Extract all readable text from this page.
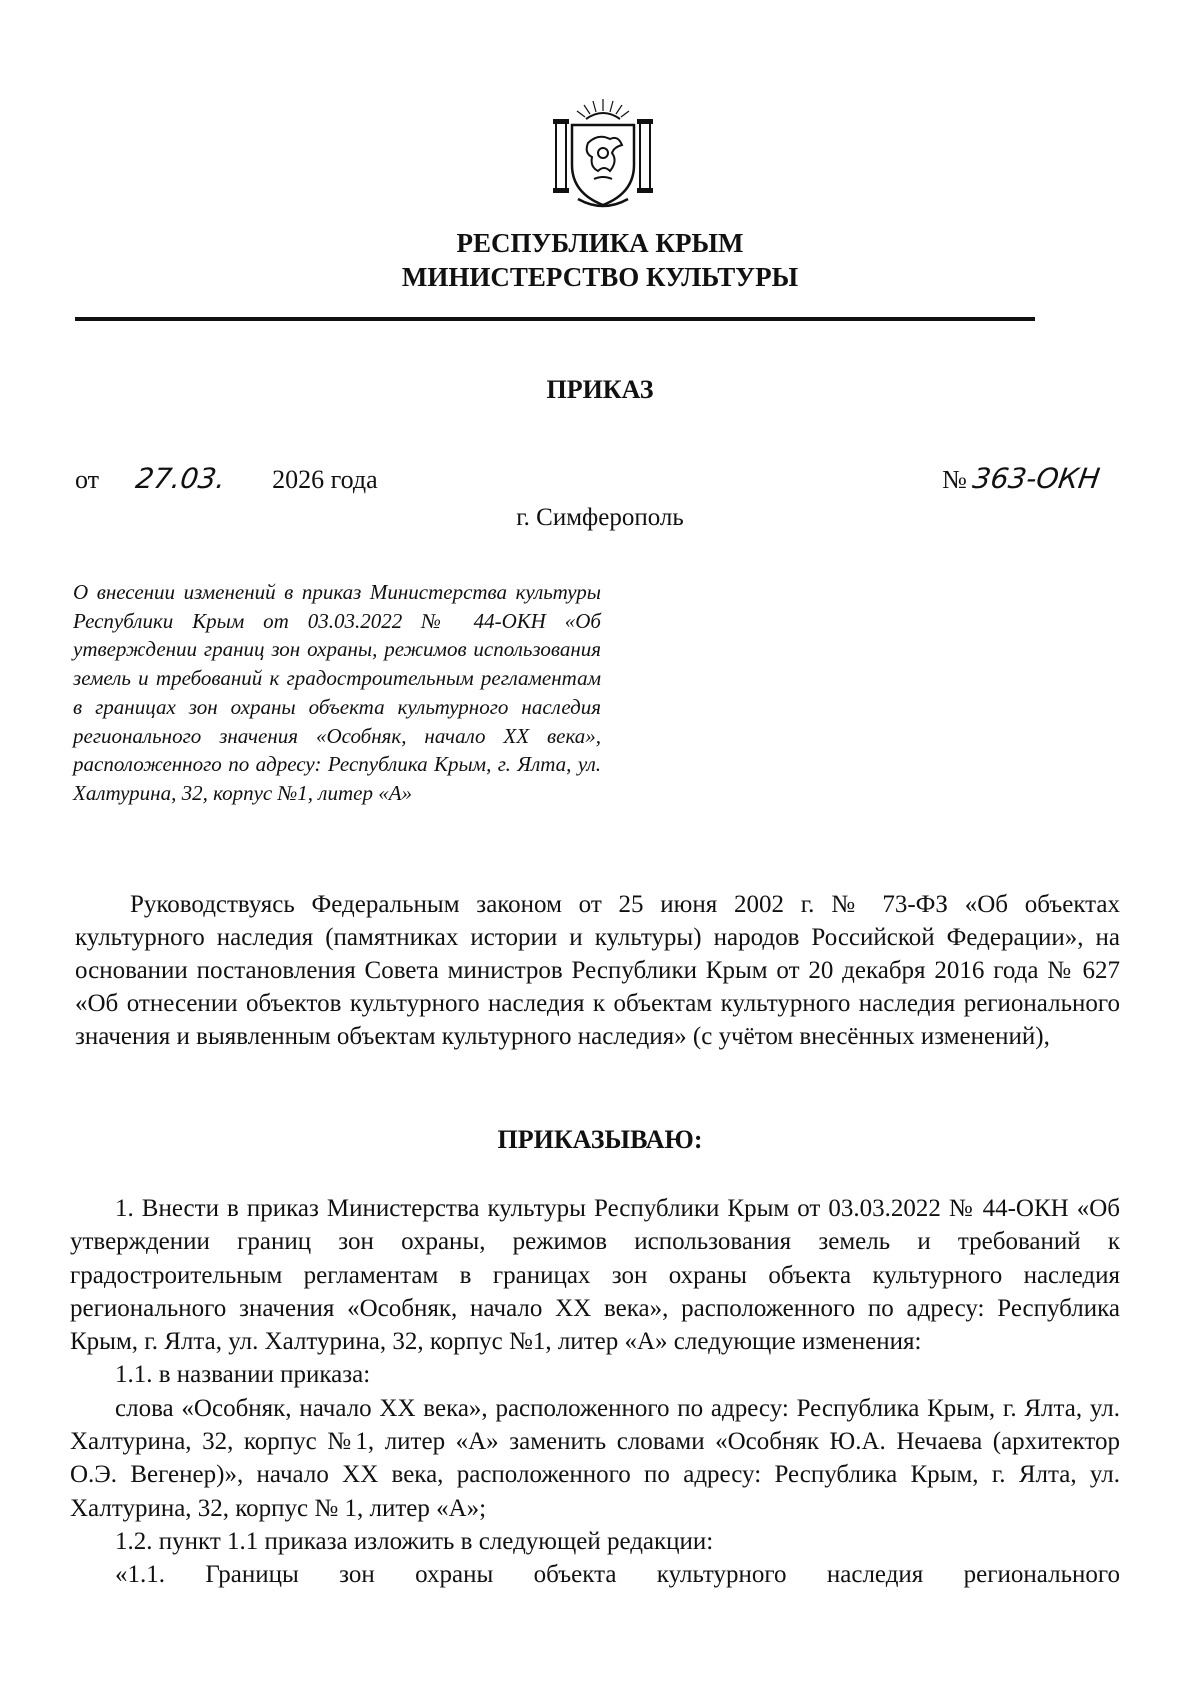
РЕСПУБЛИКА КРЫМ
МИНИСТЕРСТВО КУЛЬТУРЫ
ПРИКАЗ
от 27.03. 2026 года	№ 363-ОКН
г. Симферополь
О внесении изменений в приказ Министерства культуры Республики Крым от 03.03.2022 № 44-ОКН «Об утверждении границ зон охраны, режимов использования земель и требований к градостроительным регламентам в границах зон охраны объекта культурного наследия регионального значения «Особняк, начало XX века», расположенного по адресу: Республика Крым, г. Ялта, ул. Халтурина, 32, корпус №1, литер «А»
Руководствуясь Федеральным законом от 25 июня 2002 г. № 73-ФЗ «Об объектах культурного наследия (памятниках истории и культуры) народов Российской Федерации», на основании постановления Совета министров Республики Крым от 20 декабря 2016 года № 627 «Об отнесении объектов культурного наследия к объектам культурного наследия регионального значения и выявленным объектам культурного наследия» (с учётом внесённых изменений),
ПРИКАЗЫВАЮ:

1. Внести в приказ Министерства культуры Республики Крым от 03.03.2022 № 44-ОКН «Об утверждении границ зон охраны, режимов использования земель и требований к градостроительным регламентам в границах зон охраны объекта культурного наследия регионального значения «Особняк, начало XX века», расположенного по адресу: Республика Крым, г. Ялта, ул. Халтурина, 32, корпус №1, литер «А» следующие изменения:

1.1. в названии приказа:

слова «Особняк, начало XX века», расположенного по адресу: Республика Крым, г. Ялта, ул. Халтурина, 32, корпус №1, литер «А» заменить словами «Особняк Ю.А. Нечаева (архитектор О.Э. Вегенер)», начало XX века, расположенного по адресу: Республика Крым, г. Ялта, ул. Халтурина, 32, корпус № 1, литер «А»;

1.2. пункт 1.1 приказа изложить в следующей редакции:

«1.1. Границы зон охраны объекта культурного наследия регионального
